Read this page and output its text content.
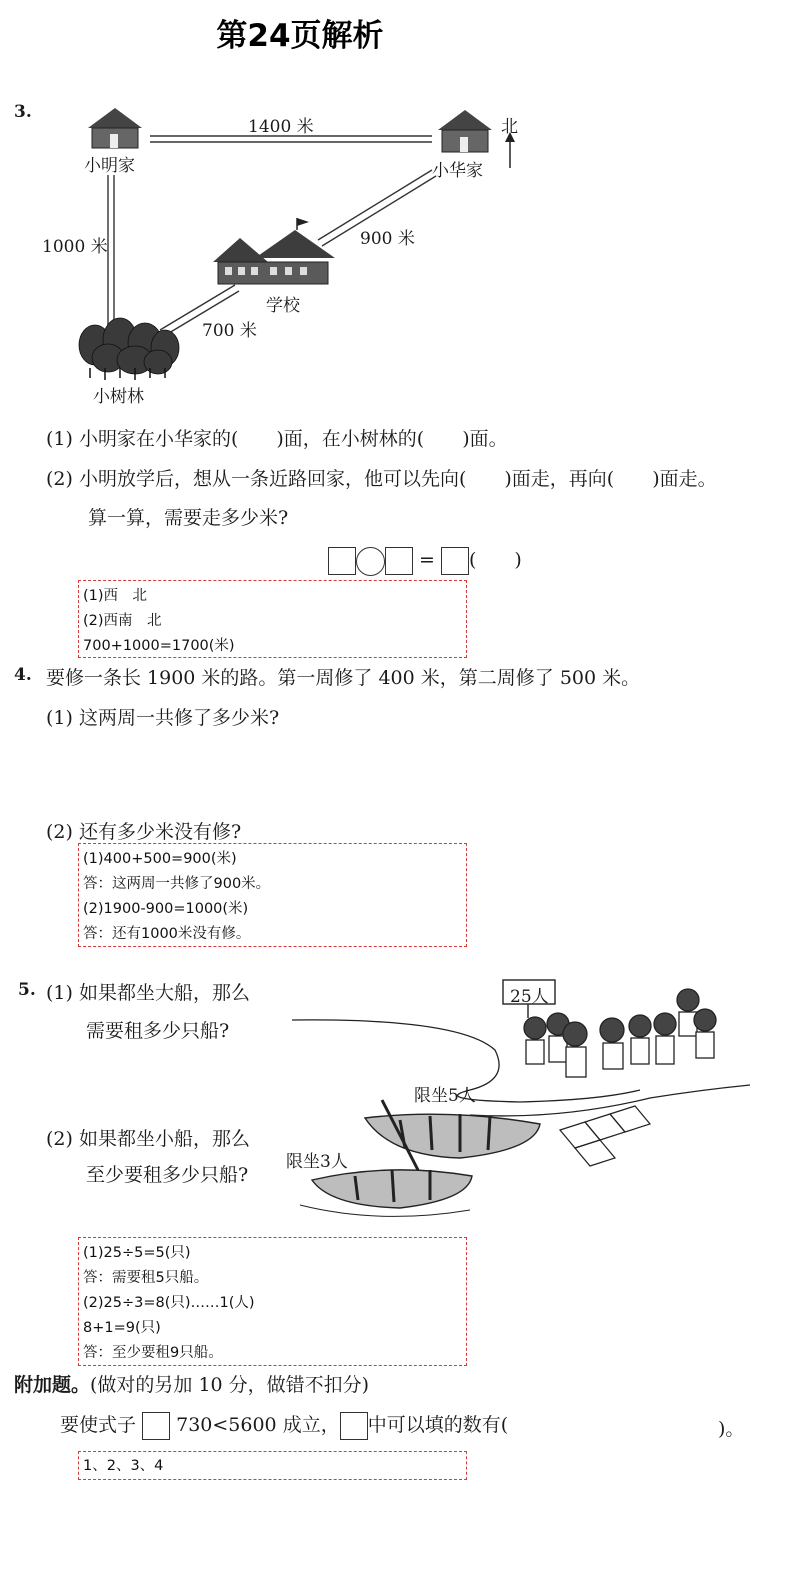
第24页解析
3.
小明家	小华家
北
1400 米
1000 米	900 米
学校
700 米
小树林
(1) 小明家在小华家的(　　)面，在小树林的(　　)面。
(2) 小明放学后，想从一条近路回家，他可以先向(　　)面走，再向(　　)面走。
算一算，需要走多少米?
= (　　)
(1)西　北
(2)西南　北
700+1000=1700(米)
4. 要修一条长 1900 米的路。第一周修了 400 米，第二周修了 500 米。
(1) 这两周一共修了多少米?
(2) 还有多少米没有修?
(1)400+500=900(米)
答：这两周一共修了900米。
(2)1900-900=1000(米)
答：还有1000米没有修。
5. (1) 如果都坐大船，那么
需要租多少只船?
(2) 如果都坐小船，那么
至少要租多少只船?
25人
限坐5人
限坐3人
(1)25÷5=5(只)
答：需要租5只船。
(2)25÷3=8(只)……1(人)
8+1=9(只)
答：至少要租9只船。
附加题。(做对的另加 10 分，做错不扣分)
要使式子 730<5600 成立， 中可以填的数有(	)。
1、2、3、4
